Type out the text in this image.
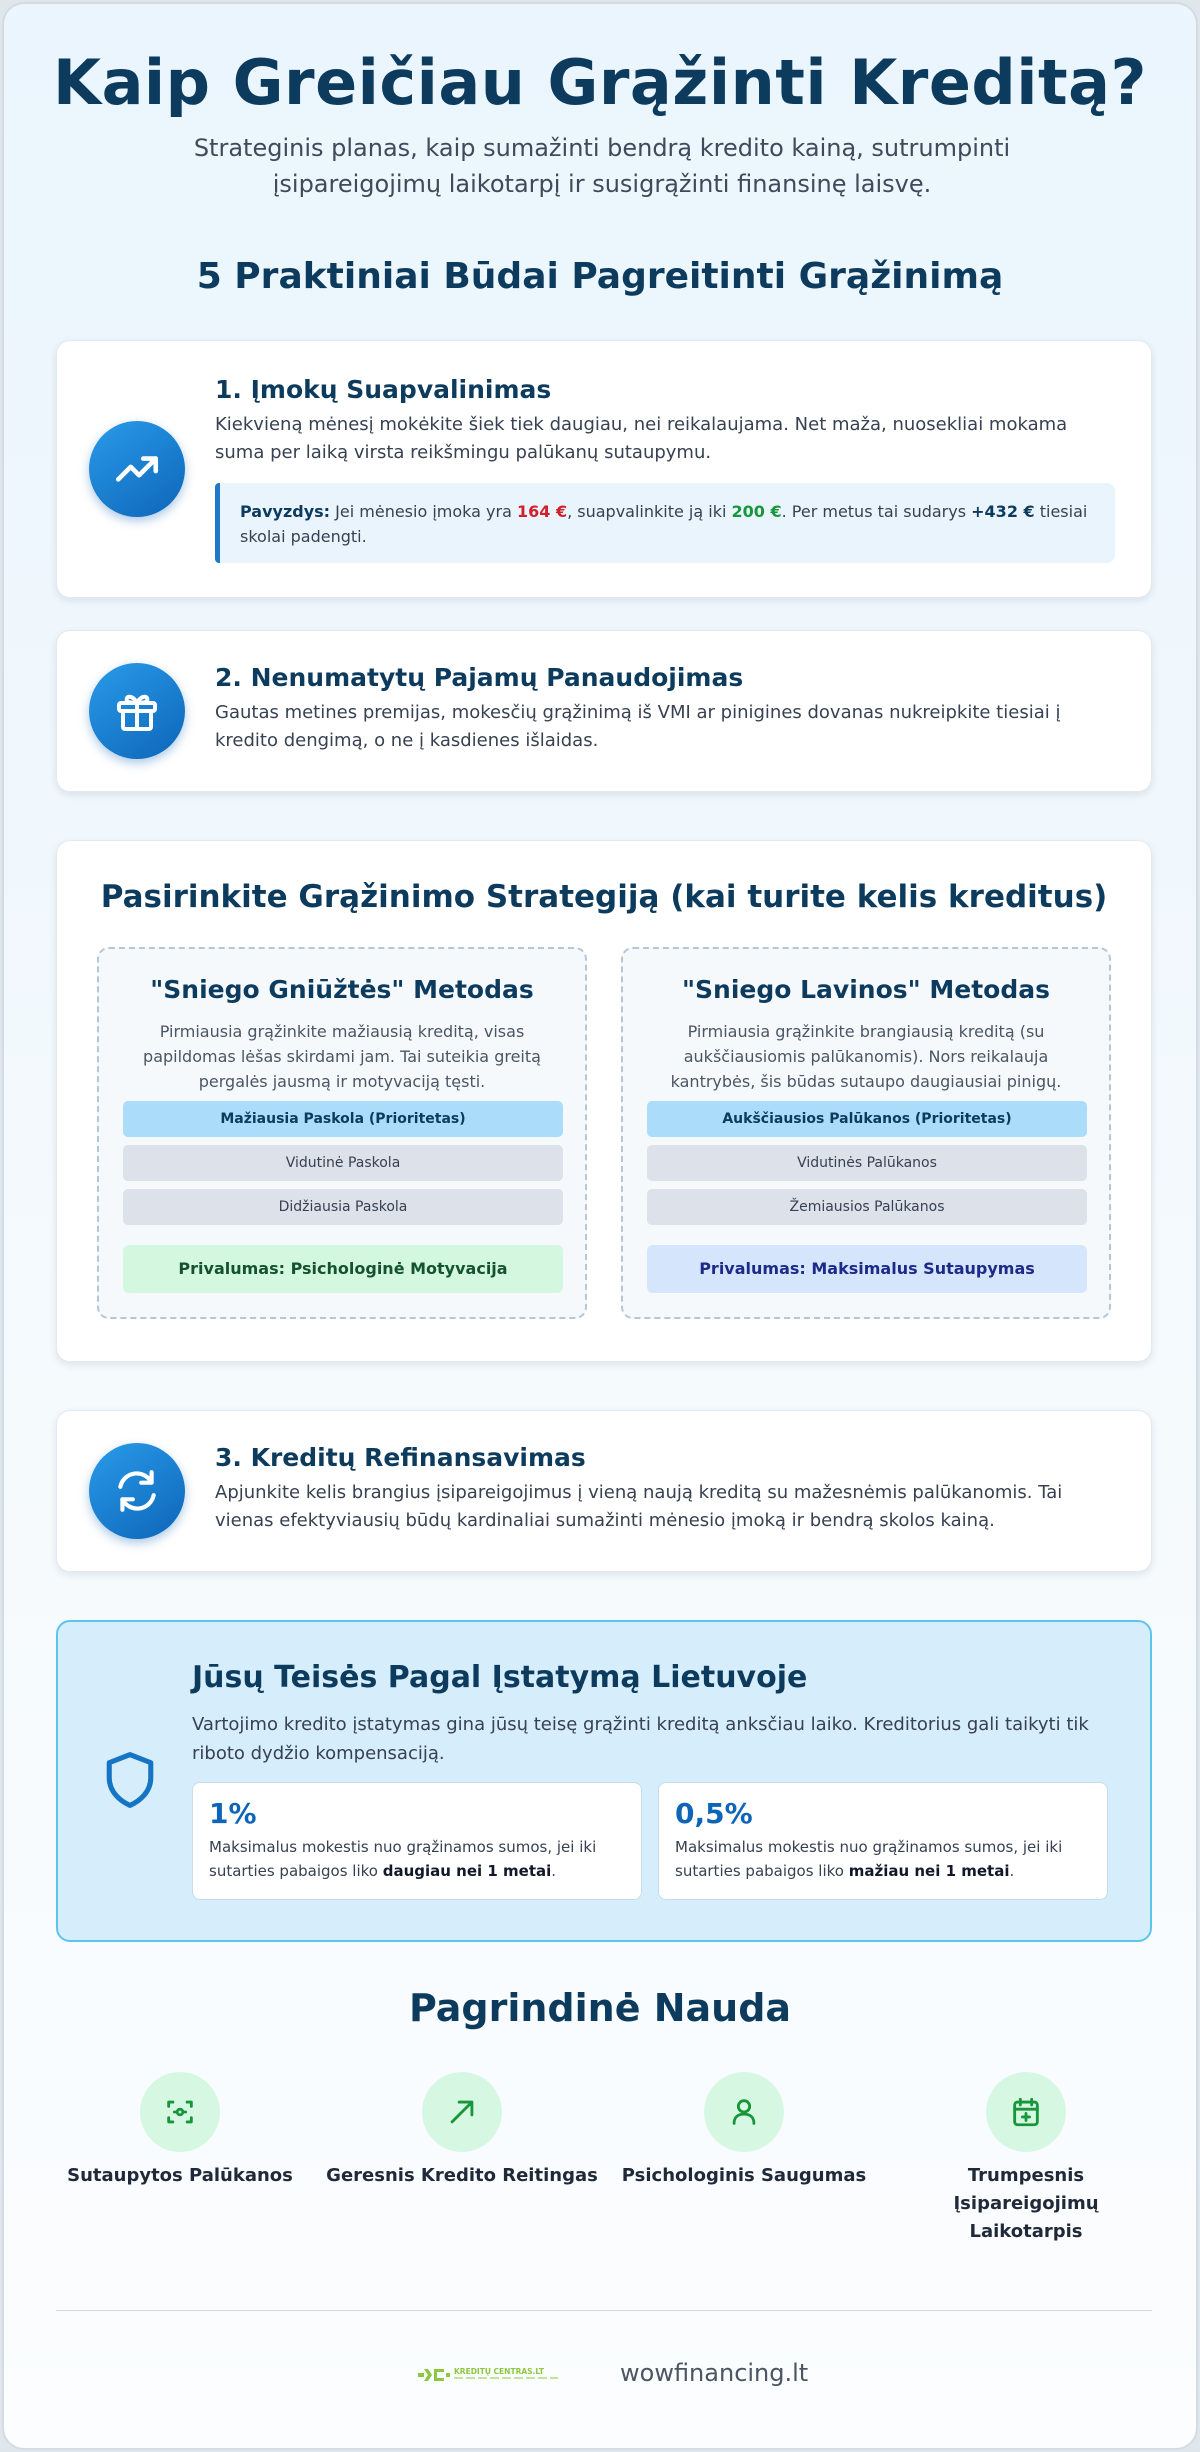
Kaip Greičiau Grąžinti Kreditą?

Strateginis planas, kaip sumažinti bendrą kredito kainą, sutrumpinti įsipareigojimų laikotarpį ir susigrąžinti finansinę laisvę.

5 Praktiniai Būdai Pagreitinti Grąžinimą
1. Įmokų Suapvalinimas
Kiekvieną mėnesį mokėkite šiek tiek daugiau, nei reikalaujama. Net maža, nuosekliai mokama suma per laiką virsta reikšmingu palūkanų sutaupymu.
Pavyzdys: Jei mėnesio įmoka yra 164 €, suapvalinkite ją iki 200 €. Per metus tai sudarys +432 € tiesiai skolai padengti.
2. Nenumatytų Pajamų Panaudojimas
Gautas metines premijas, mokesčių grąžinimą iš VMI ar pinigines dovanas nukreipkite tiesiai į kredito dengimą, o ne į kasdienes išlaidas.
Pasirinkite Grąžinimo Strategiją (kai turite kelis kreditus)
"Sniego Gniūžtės" Metodas
Pirmiausia grąžinkite mažiausią kreditą, visas papildomas lėšas skirdami jam. Tai suteikia greitą pergalės jausmą ir motyvaciją tęsti.
Mažiausia Paskola (Prioritetas)
Vidutinė Paskola
Didžiausia Paskola
Privalumas: Psichologinė Motyvacija
"Sniego Lavinos" Metodas
Pirmiausia grąžinkite brangiausią kreditą (su aukščiausiomis palūkanomis). Nors reikalauja kantrybės, šis būdas sutaupo daugiausiai pinigų.
Aukščiausios Palūkanos (Prioritetas)
Vidutinės Palūkanos
Žemiausios Palūkanos
Privalumas: Maksimalus Sutaupymas
3. Kreditų Refinansavimas
Apjunkite kelis brangius įsipareigojimus į vieną naują kreditą su mažesnėmis palūkanomis. Tai vienas efektyviausių būdų kardinaliai sumažinti mėnesio įmoką ir bendrą skolos kainą.
Jūsų Teisės Pagal Įstatymą Lietuvoje
Vartojimo kredito įstatymas gina jūsų teisę grąžinti kreditą anksčiau laiko. Kreditorius gali taikyti tik riboto dydžio kompensaciją.
1%
Maksimalus mokestis nuo grąžinamos sumos, jei iki sutarties pabaigos liko daugiau nei 1 metai.
0,5%
Maksimalus mokestis nuo grąžinamos sumos, jei iki sutarties pabaigos liko mažiau nei 1 metai.
Pagrindinė Nauda
Sutaupytos Palūkanos	Geresnis Kredito Reitingas	Psichologinis Saugumas	Trumpesnis Įsipareigojimų Laikotarpis
KREDITŲ CENTRAS.LT	wowfinancing.lt
